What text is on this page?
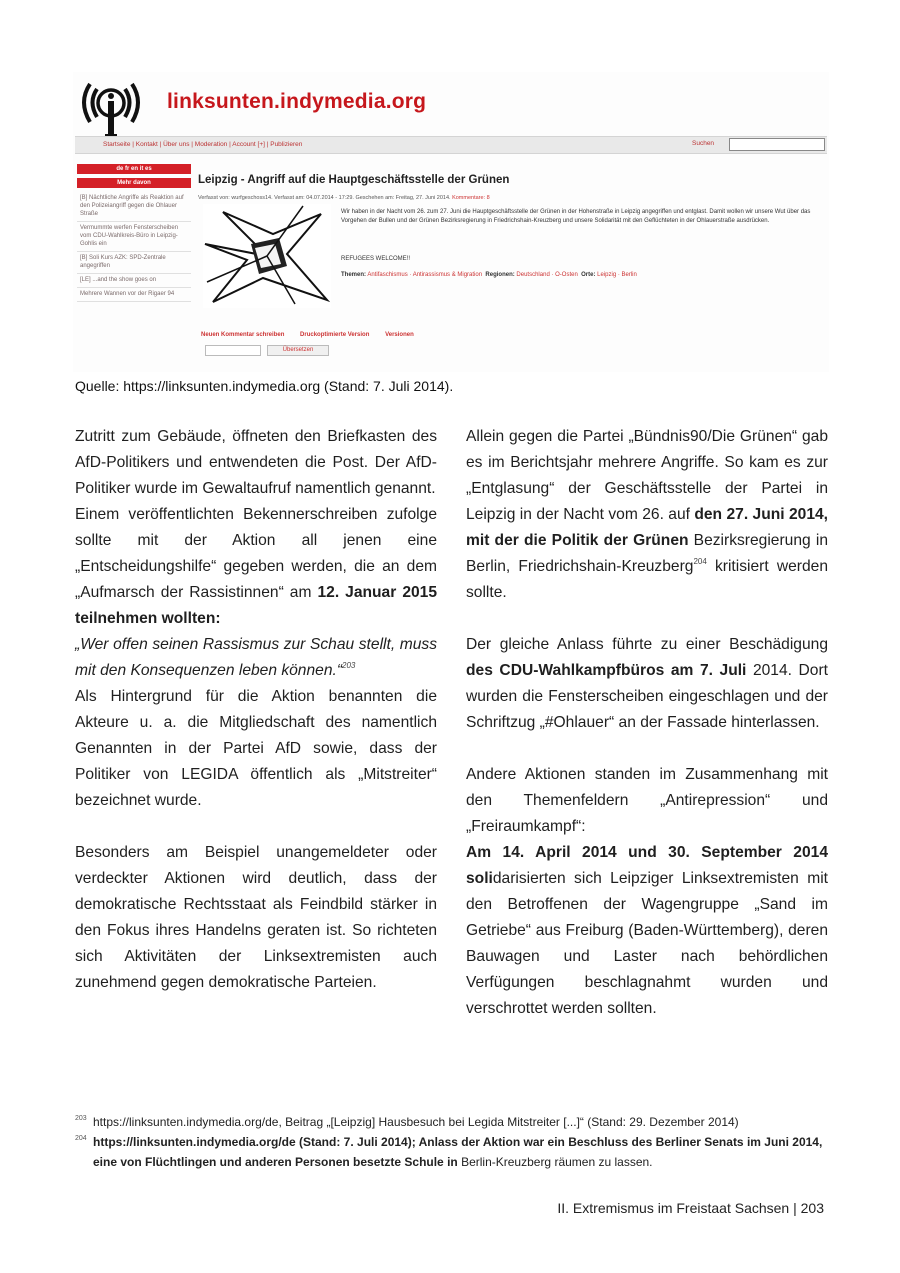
linksunten.indymedia.org
Startseite | Kontakt | Über uns | Moderation | Account [+] | Publizieren	Suchen
de fr en it es
Mehr davon
[B] Nächtliche Angriffe als Reaktion auf den Polizeiangriff gegen die Ohlauer Straße
Vermummte werfen Fensterscheiben vom CDU-Wahlkreis-Büro in Leipzig-Gohlis ein
[B] Soli Kurs AZK: SPD-Zentrale angegriffen
[LE] ...and the show goes on
Mehrere Wannen vor der Rigaer 94
Leipzig - Angriff auf die Hauptgeschäftsstelle der Grünen
Verfasst von: wurfgeschoss14. Verfasst am: 04.07.2014 - 17:29. Geschehen am: Freitag, 27. Juni 2014. Kommentare: 8
Wir haben in der Nacht vom 26. zum 27. Juni die Hauptgeschäftsstelle der Grünen in der Hohenstraße in Leipzig angegriffen und entglast. Damit wollen wir unsere Wut über das Vorgehen der Bullen und der Grünen Bezirksregierung in Friedrichshain-Kreuzberg und unsere Solidarität mit den Geflüchteten in der Ohlauerstraße ausdrücken.
REFUGEES WELCOME!!
Themen: Antifaschismus · Antirassismus & Migration Regionen: Deutschland · O-Osten Orte: Leipzig · Berlin
Neuen Kommentar schreiben	Druckoptimierte Version	Versionen
Übersetzen
Quelle: https://linksunten.indymedia.org (Stand: 7. Juli 2014).

Zutritt zum Gebäude, öffneten den Briefkasten des AfD-Politikers und entwendeten die Post. Der AfD-Politiker wurde im Gewaltaufruf namentlich genannt.

Einem veröffentlichten Bekennerschreiben zufolge sollte mit der Aktion all jenen eine „Entscheidungshilfe“ gegeben werden, die an dem „Aufmarsch der Rassistinnen“ am 12. Januar 2015 teilnehmen wollten:

„Wer offen seinen Rassismus zur Schau stellt, muss mit den Konsequenzen leben können.“$^{203}$

Als Hintergrund für die Aktion benannten die Akteure u. a. die Mitgliedschaft des namentlich Genannten in der Partei AfD sowie, dass der Politiker von LEGIDA öffentlich als „Mitstreiter“ bezeichnet wurde.

Besonders am Beispiel unangemeldeter oder verdeckter Aktionen wird deutlich, dass der demokratische Rechtsstaat als Feindbild stärker in den Fokus ihres Handelns geraten ist. So richteten sich Aktivitäten der Linksextremisten auch zunehmend gegen demokratische Parteien.

Allein gegen die Partei „Bündnis90/Die Grünen“ gab es im Berichtsjahr mehrere Angriffe. So kam es zur „Entglasung“ der Geschäftsstelle der Partei in Leipzig in der Nacht vom 26. auf den 27. Juni 2014, mit der die Politik der Grünen Bezirksregierung in Berlin, Friedrichshain-Kreuzberg$^{204}$ kritisiert werden sollte.

Der gleiche Anlass führte zu einer Beschädigung des CDU-Wahlkampfbüros am 7. Juli 2014. Dort wurden die Fensterscheiben eingeschlagen und der Schriftzug „#Ohlauer“ an der Fassade hinterlassen.

Andere Aktionen standen im Zusammenhang mit den Themenfeldern „Antirepression“ und „Freiraumkampf“:

Am 14. April 2014 und 30. September 2014 solidarisierten sich Leipziger Linksextremisten mit den Betroffenen der Wagengruppe „Sand im Getriebe“ aus Freiburg (Baden-Württemberg), deren Bauwagen und Laster nach behördlichen Verfügungen beschlagnahmt wurden und verschrottet werden sollten.

203 https://linksunten.indymedia.org/de, Beitrag „[Leipzig] Hausbesuch bei Legida Mitstreiter [...]“ (Stand: 29. Dezember 2014)
204 https://linksunten.indymedia.org/de (Stand: 7. Juli 2014); Anlass der Aktion war ein Beschluss des Berliner Senats im Juni 2014, eine von Flüchtlingen und anderen Personen besetzte Schule in Berlin-Kreuzberg räumen zu lassen.
II. Extremismus im Freistaat Sachsen | 203
